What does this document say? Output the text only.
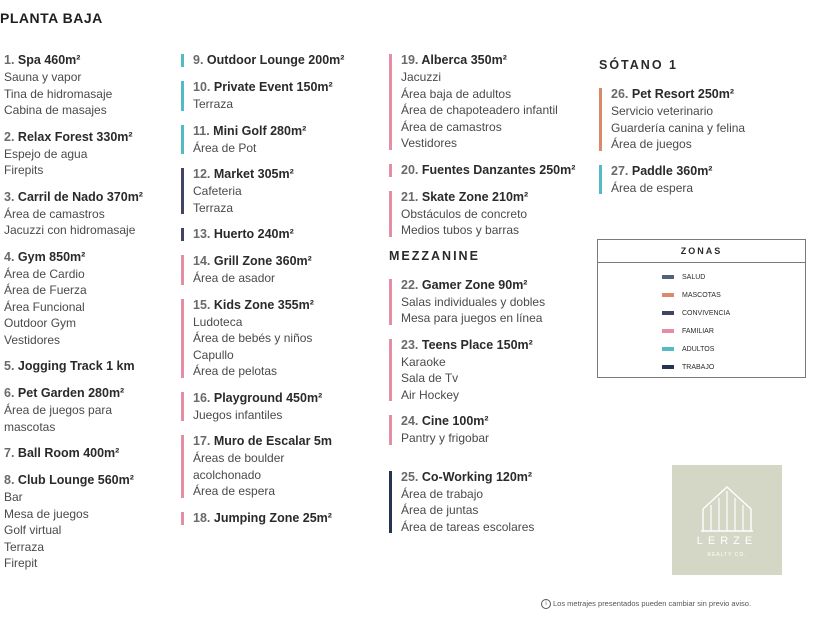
PLANTA BAJA
1. Spa 460m²
Sauna y vapor
Tina de hidromasaje
Cabina de masajes
2. Relax Forest 330m²
Espejo de agua
Firepits
3. Carril de Nado 370m²
Área de camastros
Jacuzzi con hidromasaje
4. Gym 850m²
Área de Cardio
Área de Fuerza
Área Funcional
Outdoor Gym
Vestidores
5. Jogging Track 1 km
6. Pet Garden 280m²
Área de juegos para
mascotas
7. Ball Room 400m²
8. Club Lounge 560m²
Bar
Mesa de juegos
Golf virtual
Terraza
Firepit
9. Outdoor Lounge 200m²
10. Private Event 150m²
Terraza
11. Mini Golf 280m²
Área de Pot
12. Market 305m²
Cafeteria
Terraza
13. Huerto 240m²
14. Grill Zone 360m²
Área de asador
15. Kids Zone 355m²
Ludoteca
Área de bebés y niños
Capullo
Área de pelotas
16. Playground 450m²
Juegos infantiles
17. Muro de Escalar 5m
Áreas de boulder
acolchonado
Área de espera
18. Jumping Zone 25m²
19. Alberca 350m²
Jacuzzi
Área baja de adultos
Área de chapoteadero infantil
Área de camastros
Vestidores
20. Fuentes Danzantes 250m²
21. Skate Zone 210m²
Obstáculos de concreto
Medios tubos y barras
MEZZANINE
22. Gamer Zone 90m²
Salas individuales y dobles
Mesa para juegos en línea
23. Teens Place 150m²
Karaoke
Sala de Tv
Air Hockey
24. Cine 100m²
Pantry y frigobar
25. Co-Working 120m²
Área de trabajo
Área de juntas
Área de tareas escolares
SÓTANO 1
26. Pet Resort 250m²
Servicio veterinario
Guardería canina y felina
Área de juegos
27. Paddle 360m²
Área de espera
ZONAS
SALUD
MASCOTAS
CONVIVENCIA
FAMILIAR
ADULTOS
TRABAJO
LERZE
REALTY CO.
i Los metrajes presentados pueden cambiar sin previo aviso.
